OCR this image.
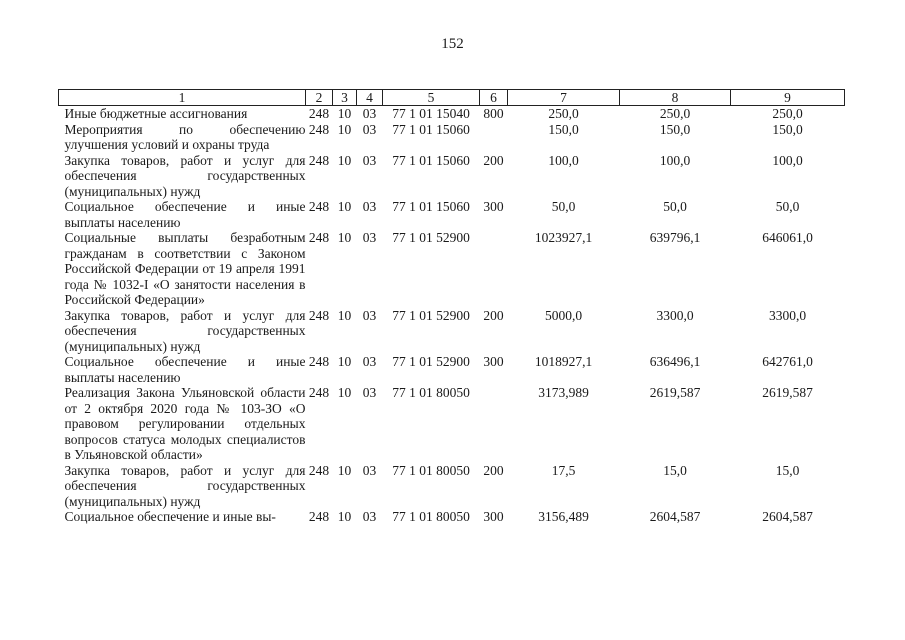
152
1	2	3	4	5	6	7	8	9
Иные бюджетные ассигнования	248	10	03	77 1 01 15040	800	250,0	250,0	250,0
Мероприятия по обеспечению улучшения условий и охраны труда	248	10	03	77 1 01 15060		150,0	150,0	150,0
Закупка товаров, работ и услуг для обеспечения государственных (муниципальных) нужд	248	10	03	77 1 01 15060	200	100,0	100,0	100,0
Социальное обеспечение и иные выплаты населению	248	10	03	77 1 01 15060	300	50,0	50,0	50,0
Социальные выплаты безработным гражданам в соответствии с Законом Российской Федерации от 19 апреля 1991 года № 1032-I «О занятости населения в Российской Федерации»	248	10	03	77 1 01 52900		1023927,1	639796,1	646061,0
Закупка товаров, работ и услуг для обеспечения государственных (муниципальных) нужд	248	10	03	77 1 01 52900	200	5000,0	3300,0	3300,0
Социальное обеспечение и иные выплаты населению	248	10	03	77 1 01 52900	300	1018927,1	636496,1	642761,0
Реализация Закона Ульяновской области от 2 октября 2020 года № 103-ЗО «О правовом регулировании отдельных вопросов статуса молодых специалистов в Ульяновской области»	248	10	03	77 1 01 80050		3173,989	2619,587	2619,587
Закупка товаров, работ и услуг для обеспечения государственных (муниципальных) нужд	248	10	03	77 1 01 80050	200	17,5	15,0	15,0
Социальное обеспечение и иные вы-	248	10	03	77 1 01 80050	300	3156,489	2604,587	2604,587
